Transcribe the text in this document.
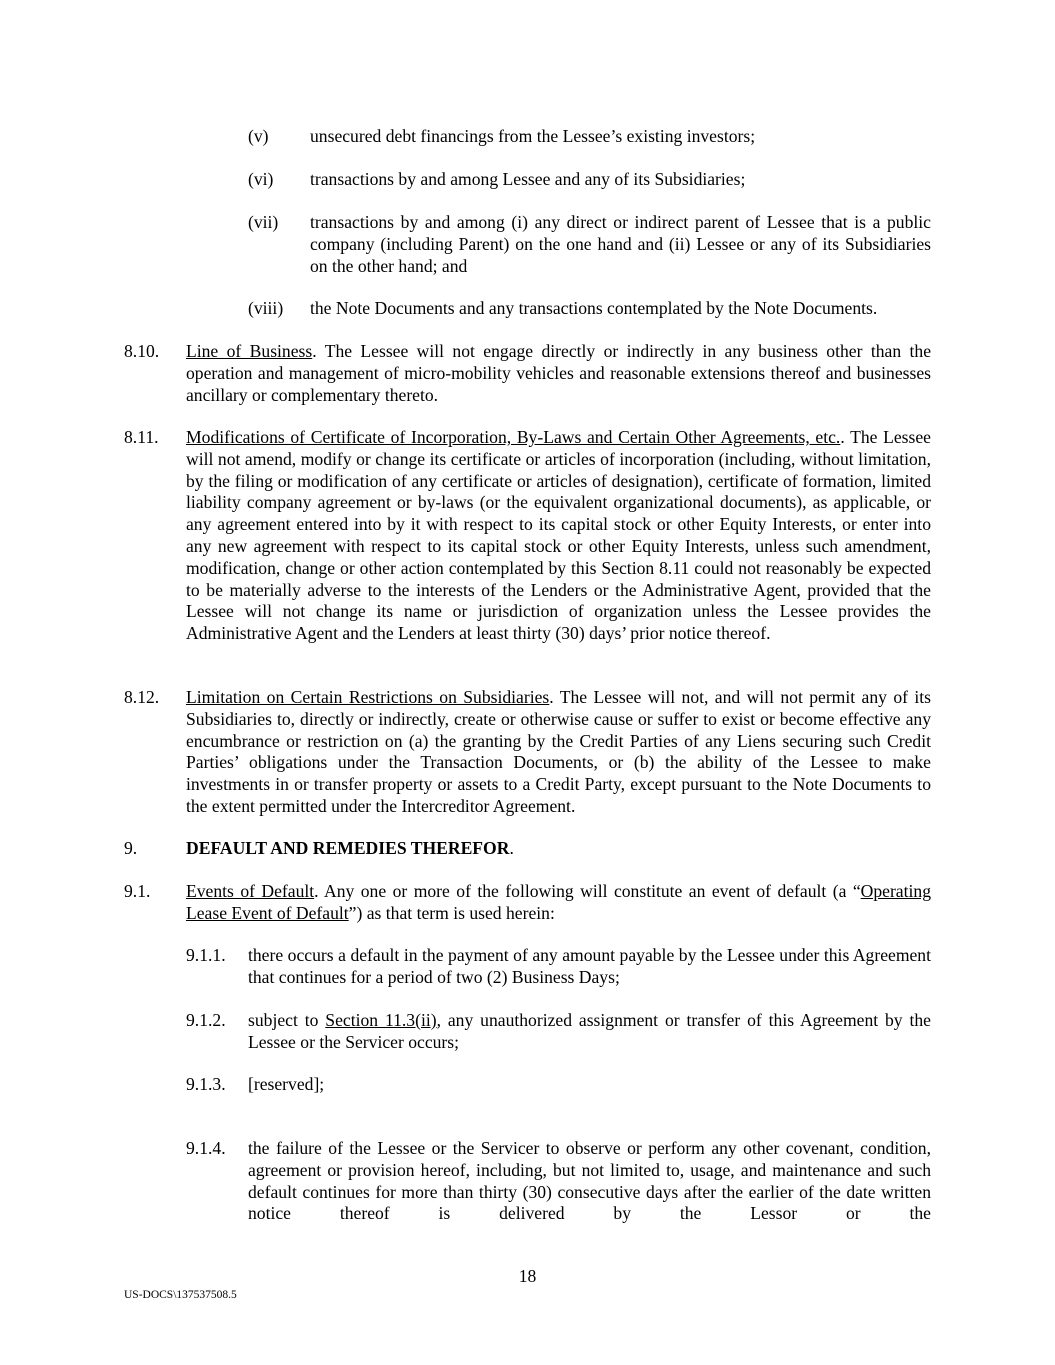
(v) unsecured debt financings from the Lessee’s existing investors;
(vi) transactions by and among Lessee and any of its Subsidiaries;
(vii) transactions by and among (i) any direct or indirect parent of Lessee that is a public company (including Parent) on the one hand and (ii) Lessee or any of its Subsidiaries on the other hand; and
(viii) the Note Documents and any transactions contemplated by the Note Documents.
8.10. Line of Business. The Lessee will not engage directly or indirectly in any business other than the operation and management of micro-mobility vehicles and reasonable extensions thereof and businesses ancillary or complementary thereto.
8.11. Modifications of Certificate of Incorporation, By-Laws and Certain Other Agreements, etc.. The Lessee will not amend, modify or change its certificate or articles of incorporation (including, without limitation, by the filing or modification of any certificate or articles of designation), certificate of formation, limited liability company agreement or by-laws (or the equivalent organizational documents), as applicable, or any agreement entered into by it with respect to its capital stock or other Equity Interests, or enter into any new agreement with respect to its capital stock or other Equity Interests, unless such amendment, modification, change or other action contemplated by this Section 8.11 could not reasonably be expected to be materially adverse to the interests of the Lenders or the Administrative Agent, provided that the Lessee will not change its name or jurisdiction of organization unless the Lessee provides the Administrative Agent and the Lenders at least thirty (30) days’ prior notice thereof.
8.12. Limitation on Certain Restrictions on Subsidiaries. The Lessee will not, and will not permit any of its Subsidiaries to, directly or indirectly, create or otherwise cause or suffer to exist or become effective any encumbrance or restriction on (a) the granting by the Credit Parties of any Liens securing such Credit Parties’ obligations under the Transaction Documents, or (b) the ability of the Lessee to make investments in or transfer property or assets to a Credit Party, except pursuant to the Note Documents to the extent permitted under the Intercreditor Agreement.
9.	DEFAULT AND REMEDIES THEREFOR.
9.1. Events of Default. Any one or more of the following will constitute an event of default (a “Operating Lease Event of Default”) as that term is used herein:
9.1.1. there occurs a default in the payment of any amount payable by the Lessee under this Agreement that continues for a period of two (2) Business Days;
9.1.2. subject to Section 11.3(ii), any unauthorized assignment or transfer of this Agreement by the Lessee or the Servicer occurs;
9.1.3. [reserved];
9.1.4. the failure of the Lessee or the Servicer to observe or perform any other covenant, condition, agreement or provision hereof, including, but not limited to, usage, and maintenance and such default continues for more than thirty (30) consecutive days after the earlier of the date written notice thereof is delivered by the Lessor or the
18
US-DOCS\137537508.5
